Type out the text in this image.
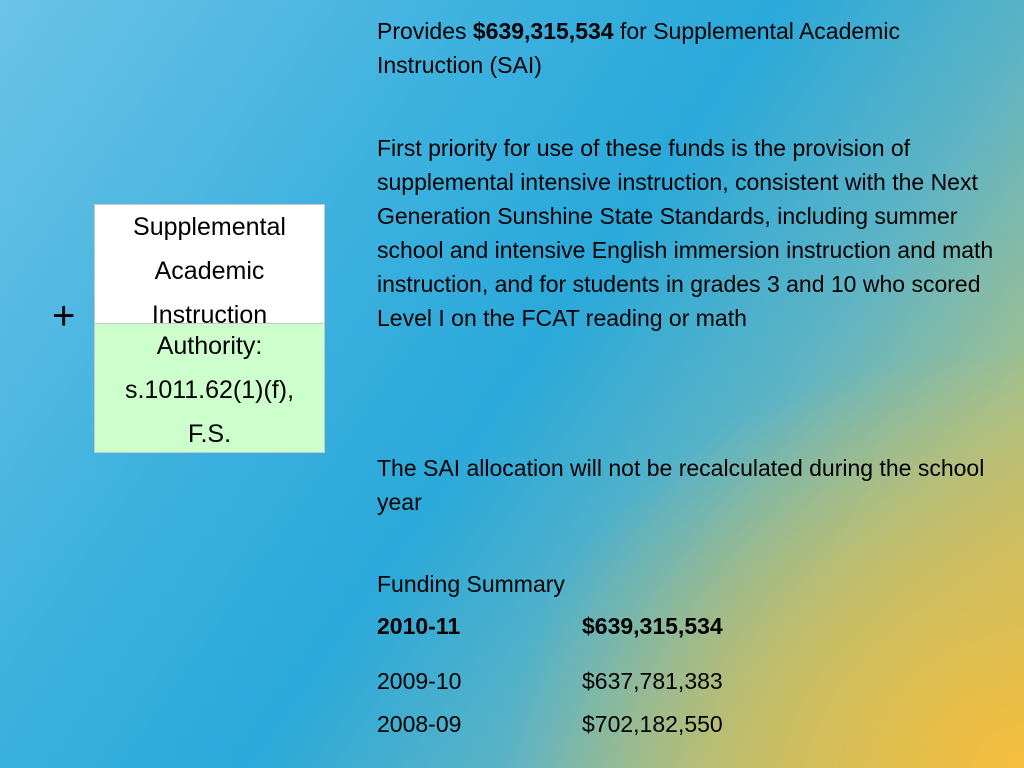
+
Supplemental
Academic
Instruction
Authority:
s.1011.62(1)(f),
F.S.

Provides $639,315,534 for Supplemental Academic Instruction (SAI)

First priority for use of these funds is the provision of supplemental intensive instruction, consistent with the Next Generation Sunshine State Standards, including summer school and intensive English immersion instruction and math instruction, and for students in grades 3 and 10 who scored Level I on the FCAT reading or math

The SAI allocation will not be recalculated during the school year

Funding Summary

2010-11	$639,315,534
2009-10	$637,781,383
2008-09	$702,182,550
